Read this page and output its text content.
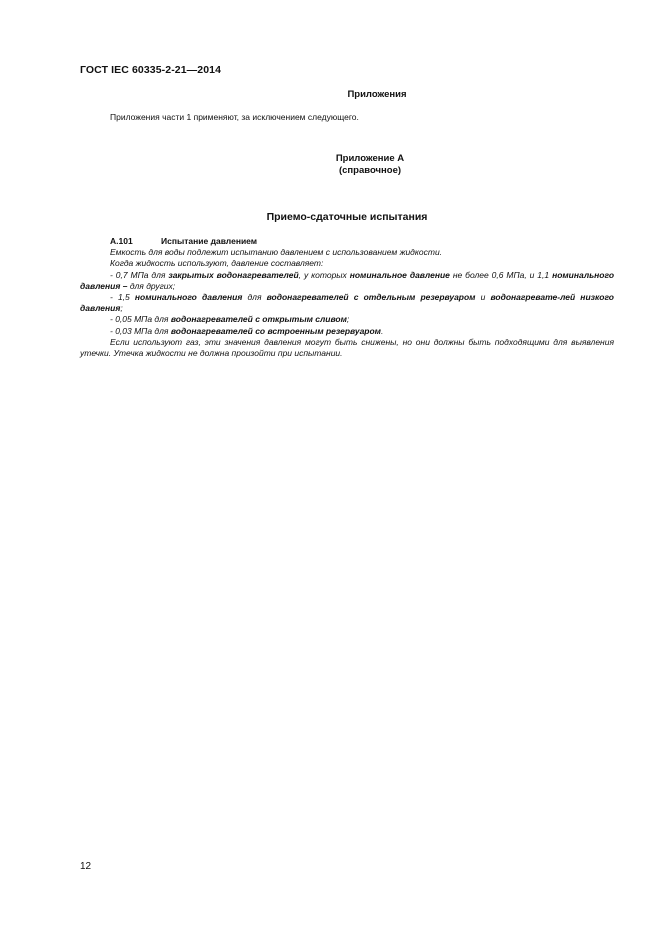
ГОСТ IEC 60335-2-21—2014
Приложения
Приложения части 1 применяют, за исключением следующего.
Приложение А
(справочное)
Приемо-сдаточные испытания
А.101	Испытание давлением

Емкость для воды подлежит испытанию давлением с использованием жидкости.

Когда жидкость используют, давление составляет:

- 0,7 МПа для закрытых водонагревателей, у которых номинальное давление не более 0,6 МПа, и 1,1 номинального давления – для других;

- 1,5 номинального давления для водонагревателей с отдельным резервуаром и водонагревате-лей низкого давления;

- 0,05 МПа для водонагревателей с открытым сливом;

- 0,03 МПа для водонагревателей со встроенным резервуаром.

Если используют газ, эти значения давления могут быть снижены, но они должны быть подходящими для выявления утечки. Утечка жидкости не должна произойти при испытании.

12
